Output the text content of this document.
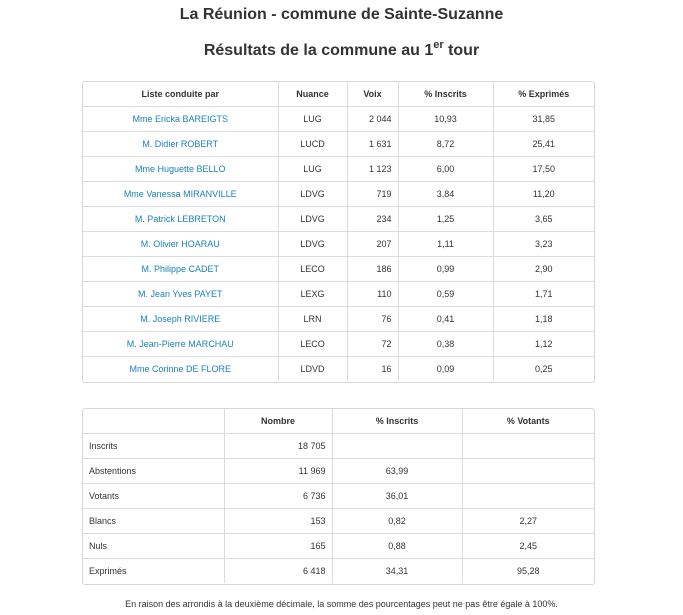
La Réunion - commune de Sainte-Suzanne
Résultats de la commune au 1er tour
Liste conduite par	Nuance	Voix	% Inscrits	% Exprimés
Mme Ericka BAREIGTS	LUG	2 044	10,93	31,85
M. Didier ROBERT	LUCD	1 631	8,72	25,41
Mme Huguette BELLO	LUG	1 123	6,00	17,50
Mme Vanessa MIRANVILLE	LDVG	719	3,84	11,20
M. Patrick LEBRETON	LDVG	234	1,25	3,65
M. Olivier HOARAU	LDVG	207	1,11	3,23
M. Philippe CADET	LECO	186	0,99	2,90
M. Jean Yves PAYET	LEXG	110	0,59	1,71
M. Joseph RIVIERE	LRN	76	0,41	1,18
M. Jean-Pierre MARCHAU	LECO	72	0,38	1,12
Mme Corinne DE FLORE	LDVD	16	0,09	0,25
	Nombre	% Inscrits	% Votants
Inscrits	18 705		
Abstentions	11 969	63,99	
Votants	6 736	36,01	
Blancs	153	0,82	2,27
Nuls	165	0,88	2,45
Exprimés	6 418	34,31	95,28
En raison des arrondis à la deuxième décimale, la somme des pourcentages peut ne pas être égale à 100%.
